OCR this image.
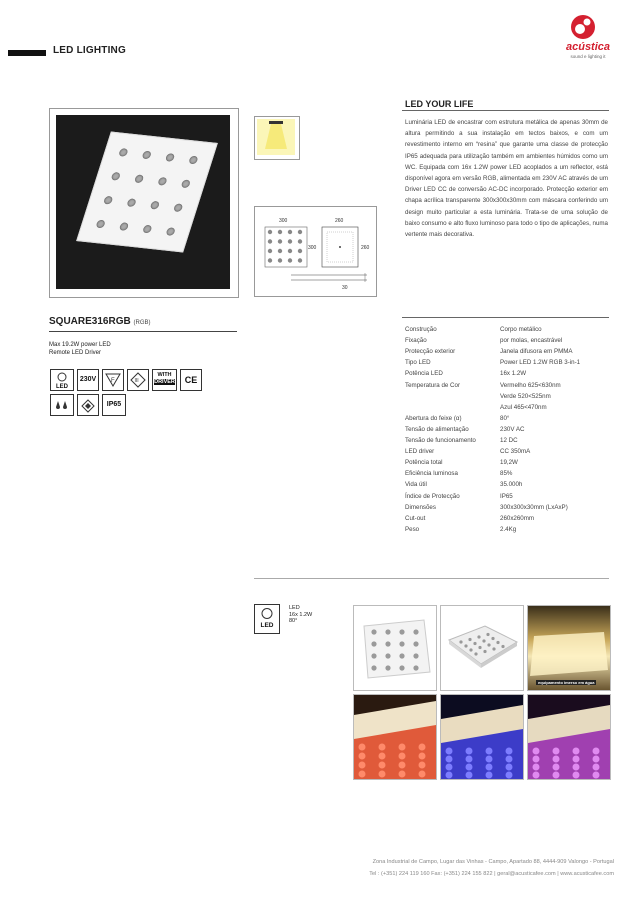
LED LIGHTING	acústica
sound e lighting it
SQUARE316RGB (RGB)
Max 19.2W power LED
Remote LED Driver
LED
230V	F	III
WITH
DRIVER	CE
IP65
LED YOUR LIFE
Luminária LED de encastrar com estrutura metálica de apenas 30mm de altura permitindo a sua instalação em tectos baixos, e com um revestimento interno em “resina” que garante uma classe de protecção IP65 adequada para utilização também em ambientes húmidos como um WC. Equipada com 16x 1.2W power LED acoplados a um reflector, está disponível agora em versão RGB, alimentada em 230V AC através de um Driver LED CC de conversão AC-DC incorporado. Protecção exterior em chapa acrílica transparente 300x300x30mm com máscara conferindo um design muito particular a esta luminária. Trata-se de uma solução de baixo consumo e alto fluxo luminoso para todo o tipo de aplicações, numa vertente mais decorativa.
300	260
300	260
30
Construção	Corpo metálico
Fixação	por molas, encastrável
Protecção exterior	Janela difusora em PMMA
Tipo LED	Power LED 1.2W RGB 3-in-1
Potência LED	16x 1.2W
Temperatura de Cor	Vermelho 625<630nm
Verde 520<525nm
Azul 465<470nm
Abertura do feixe (α)	80°
Tensão de alimentação	230V AC
Tensão de funcionamento	12 DC
LED driver	CC 350mA
Potência total	19,2W
Eficiência luminosa	85%
Vida útil	35.000h
Índice de Protecção	IP65
Dimensões	300x300x30mm (LxAxP)
Cut-out	260x260mm
Peso	2.4Kg
LED
LED
16x 1.2W
80°
equipamento imerso em água
Zona Industrial de Campo, Lugar das Vinhas - Campo, Apartado 88, 4444-909 Valongo - Portugal
Tel : (+351) 224 119 160 Fax: (+351) 224 155 822 | geral@acusticafee.com | www.acusticafee.com
